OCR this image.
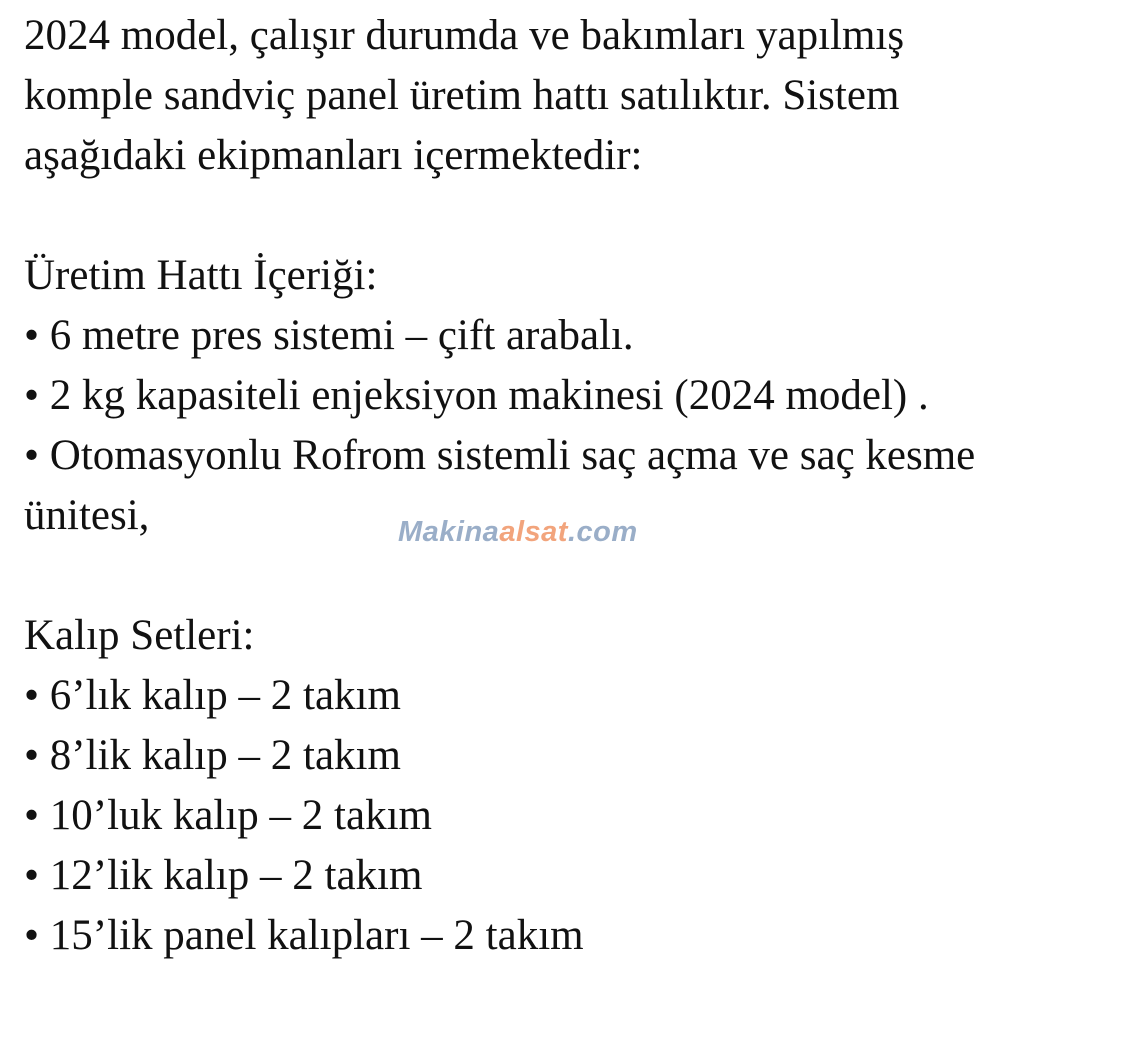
2024 model, çalışır durumda ve bakımları yapılmış
komple sandviç panel üretim hattı satılıktır. Sistem
aşağıdaki ekipmanları içermektedir:
Üretim Hattı İçeriği:
• 6 metre pres sistemi – çift arabalı.
• 2 kg kapasiteli enjeksiyon makinesi (2024 model) .
• Otomasyonlu Rofrom sistemli saç açma ve saç kesme
ünitesi,
Kalıp Setleri:
• 6’lık kalıp – 2 takım
• 8’lik kalıp – 2 takım
• 10’luk kalıp – 2 takım
• 12’lik kalıp – 2 takım
• 15’lik panel kalıpları – 2 takım
Makinaalsat.com
